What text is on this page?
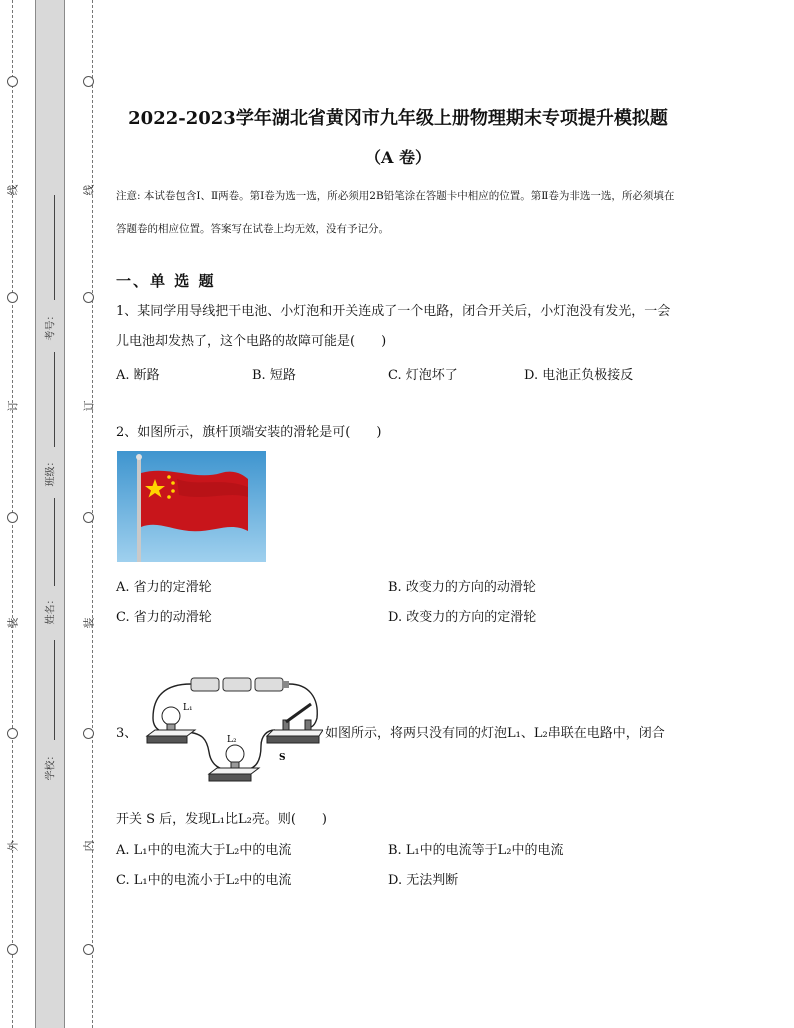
线
订
装
外
线
订
装
内
考号：
班级：
姓名：
学校：
2022-2023学年湖北省黄冈市九年级上册物理期末专项提升模拟题
（A 卷）
注意: 本试卷包含Ⅰ、Ⅱ两卷。第Ⅰ卷为选一选，所必须用2B铅笔涂在答题卡中相应的位置。第Ⅱ卷为非选一选，所必须填在答题卷的相应位置。答案写在试卷上均无效，没有予记分。
一、单 选 题
1、某同学用导线把干电池、小灯泡和开关连成了一个电路，闭合开关后，小灯泡没有发光，一会儿电池却发热了，这个电路的故障可能是(　　)
A. 断路	B. 短路	C. 灯泡坏了	D. 电池正负极接反
2、如图所示，旗杆顶端安装的滑轮是可(　　)
A. 省力的定滑轮	B. 改变力的方向的动滑轮
C. 省力的动滑轮	D. 改变力的方向的定滑轮
3、
L₁
L₂
S
如图所示，将两只没有同的灯泡L₁、L₂串联在电路中，闭合
开关 S 后，发现L₁比L₂亮。则(　　)
A. L₁中的电流大于L₂中的电流	B. L₁中的电流等于L₂中的电流
C. L₁中的电流小于L₂中的电流	D. 无法判断
